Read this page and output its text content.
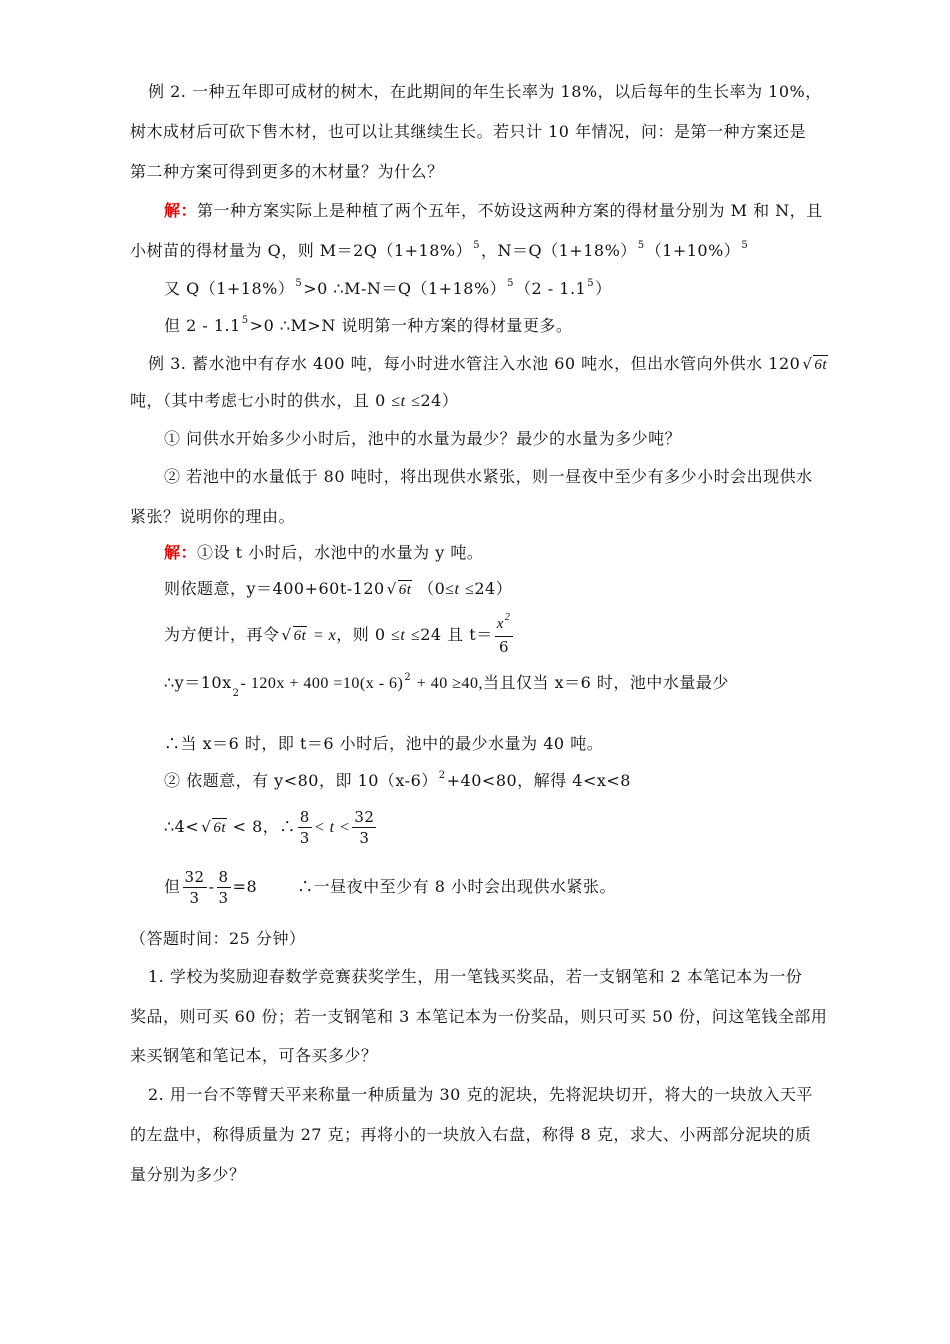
例 2. 一种五年即可成材的树木，在此期间的年生长率为 18%，以后每年的生长率为 10%，
树木成材后可砍下售木材，也可以让其继续生长。若只计 10 年情况，问：是第一种方案还是
第二种方案可得到更多的木材量？为什么？
解：第一种方案实际上是种植了两个五年，不妨设这两种方案的得材量分别为 M 和 N，且
小树苗的得材量为 Q，则 $M=2Q(1+18\%)^5$，$N=Q(1+18\%)^5(1+10\%)^5$
又 $Q(1+18\%)^5>0$ $\therefore M-N=Q(1+18\%)^5(2 - 1.1^5)$
但 $2 - 1.1^5>0$ ∴M>N 说明第一种方案的得材量更多。
例 3. 蓄水池中有存水 400 吨，每小时进水管注入水池 60 吨水，但出水管向外供水 120 √ 6t
吨，（其中考虑七小时的供水，且 0 ≤t ≤24）
① 问供水开始多少小时后，池中的水量为最少？最少的水量为多少吨？
② 若池中的水量低于 80 吨时，将出现供水紧张，则一昼夜中至少有多少小时会出现供水
紧张？说明你的理由。
解：①设 t 小时后，水池中的水量为 y 吨。
则依题意，y＝400+60t-120 √ 6t （0≤t ≤24）
为方便计，再令 √ 6t = x，则 0 ≤t ≤24 且 $t= \frac{x^2}{6}$
$\therefore y=10x_2-$ 120x + 400 =10(x - 6)$^2$ + 40 ≥40,当且仅当 x＝6 时，池中水量最少
∴当 x＝6 时，即 t＝6 小时后，池中的最少水量为 40 吨。
② 依题意，有 y<80，即 $10(x-6)^2+40<80$，解得 4<x<8
∴4< √ 6t < 8，∴ $\frac{8}{3} < t < \frac{32}{3}$
但 $\frac{32}{3} - \frac{8}{3} =8$	∴一昼夜中至少有 8 小时会出现供水紧张。
（答题时间：25 分钟）
1. 学校为奖励迎春数学竞赛获奖学生，用一笔钱买奖品，若一支钢笔和 2 本笔记本为一份
奖品，则可买 60 份；若一支钢笔和 3 本笔记本为一份奖品，则只可买 50 份，问这笔钱全部用
来买钢笔和笔记本，可各买多少？
2. 用一台不等臂天平来称量一种质量为 30 克的泥块，先将泥块切开，将大的一块放入天平
的左盘中，称得质量为 27 克；再将小的一块放入右盘，称得 8 克，求大、小两部分泥块的质
量分别为多少？
